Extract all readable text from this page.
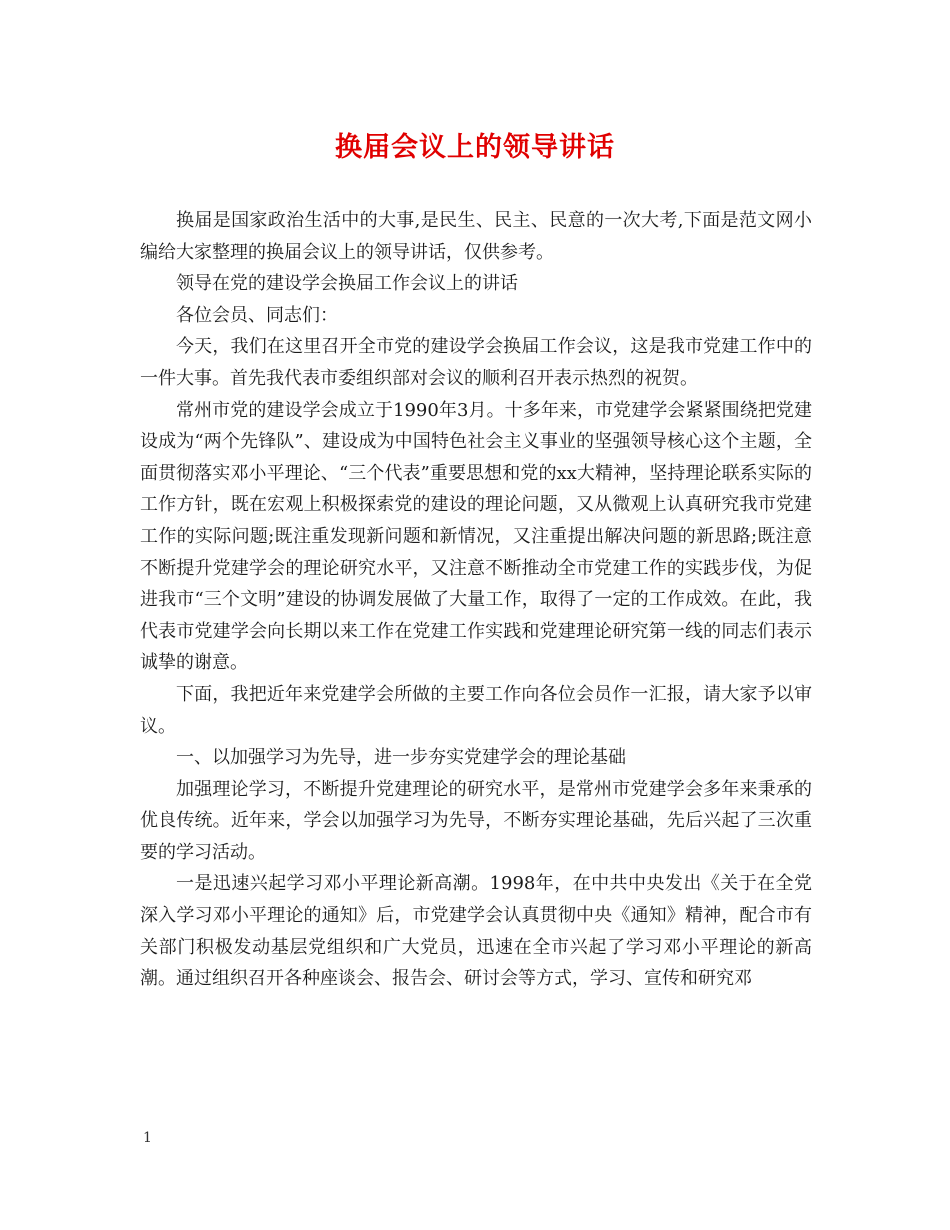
换届会议上的领导讲话

换届是国家政治生活中的大事,是民生、民主、民意的一次大考,下面是范文网小编给大家整理的换届会议上的领导讲话，仅供参考。

领导在党的建设学会换届工作会议上的讲话

各位会员、同志们：

今天，我们在这里召开全市党的建设学会换届工作会议，这是我市党建工作中的一件大事。首先我代表市委组织部对会议的顺利召开表示热烈的祝贺。

常州市党的建设学会成立于1990年3月。十多年来，市党建学会紧紧围绕把党建设成为“两个先锋队”、建设成为中国特色社会主义事业的坚强领导核心这个主题，全面贯彻落实邓小平理论、“三个代表”重要思想和党的xx大精神，坚持理论联系实际的工作方针，既在宏观上积极探索党的建设的理论问题，又从微观上认真研究我市党建工作的实际问题;既注重发现新问题和新情况，又注重提出解决问题的新思路;既注意不断提升党建学会的理论研究水平，又注意不断推动全市党建工作的实践步伐，为促进我市“三个文明”建设的协调发展做了大量工作，取得了一定的工作成效。在此，我代表市党建学会向长期以来工作在党建工作实践和党建理论研究第一线的同志们表示诚挚的谢意。

下面，我把近年来党建学会所做的主要工作向各位会员作一汇报，请大家予以审议。

一、以加强学习为先导，进一步夯实党建学会的理论基础

加强理论学习，不断提升党建理论的研究水平，是常州市党建学会多年来秉承的优良传统。近年来，学会以加强学习为先导，不断夯实理论基础，先后兴起了三次重要的学习活动。

一是迅速兴起学习邓小平理论新高潮。1998年，在中共中央发出《关于在全党深入学习邓小平理论的通知》后，市党建学会认真贯彻中央《通知》精神，配合市有关部门积极发动基层党组织和广大党员，迅速在全市兴起了学习邓小平理论的新高潮。通过组织召开各种座谈会、报告会、研讨会等方式，学习、宣传和研究邓

1
